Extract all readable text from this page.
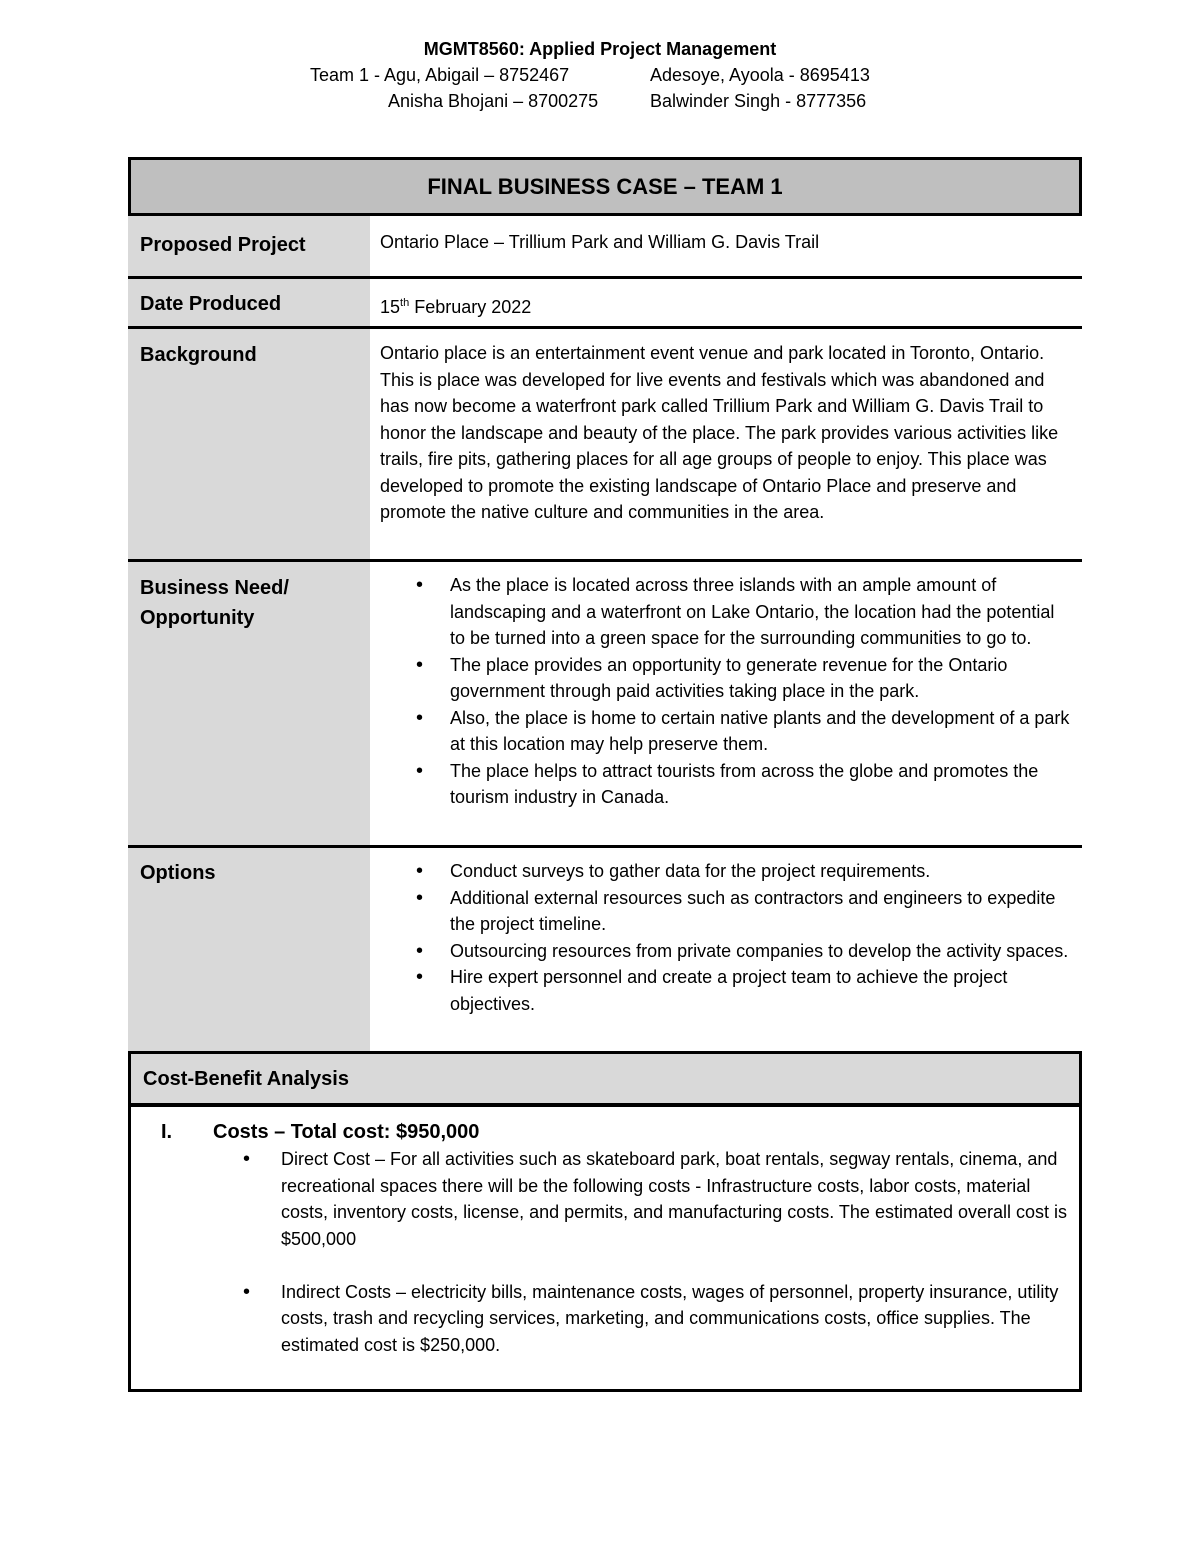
MGMT8560: Applied Project Management
Team 1 - Agu, Abigail – 8752467	Adesoye, Ayoola - 8695413
Anisha Bhojani – 8700275	Balwinder Singh - 8777356
FINAL BUSINESS CASE – TEAM 1
Proposed Project	Ontario Place – Trillium Park and William G. Davis Trail
Date Produced	15th February 2022
Background	Ontario place is an entertainment event venue and park located in Toronto, Ontario. This is place was developed for live events and festivals which was abandoned and has now become a waterfront park called Trillium Park and William G. Davis Trail to honor the landscape and beauty of the place. The park provides various activities like trails, fire pits, gathering places for all age groups of people to enjoy. This place was developed to promote the existing landscape of Ontario Place and preserve and promote the native culture and communities in the area.
Business Need/
Opportunity
• As the place is located across three islands with an ample amount of landscaping and a waterfront on Lake Ontario, the location had the potential to be turned into a green space for the surrounding communities to go to.
• The place provides an opportunity to generate revenue for the Ontario government through paid activities taking place in the park.
• Also, the place is home to certain native plants and the development of a park at this location may help preserve them.
• The place helps to attract tourists from across the globe and promotes the tourism industry in Canada.
Options
•	Conduct surveys to gather data for the project requirements.
• Additional external resources such as contractors and engineers to expedite the project timeline.
• Outsourcing resources from private companies to develop the activity spaces.
• Hire expert personnel and create a project team to achieve the project objectives.
Cost-Benefit Analysis
I.	Costs – Total cost: $950,000
• Direct Cost – For all activities such as skateboard park, boat rentals, segway rentals, cinema, and recreational spaces there will be the following costs - Infrastructure costs, labor costs, material costs, inventory costs, license, and permits, and manufacturing costs. The estimated overall cost is $500,000
• Indirect Costs – electricity bills, maintenance costs, wages of personnel, property insurance, utility costs, trash and recycling services, marketing, and communications costs, office supplies. The estimated cost is $250,000.
